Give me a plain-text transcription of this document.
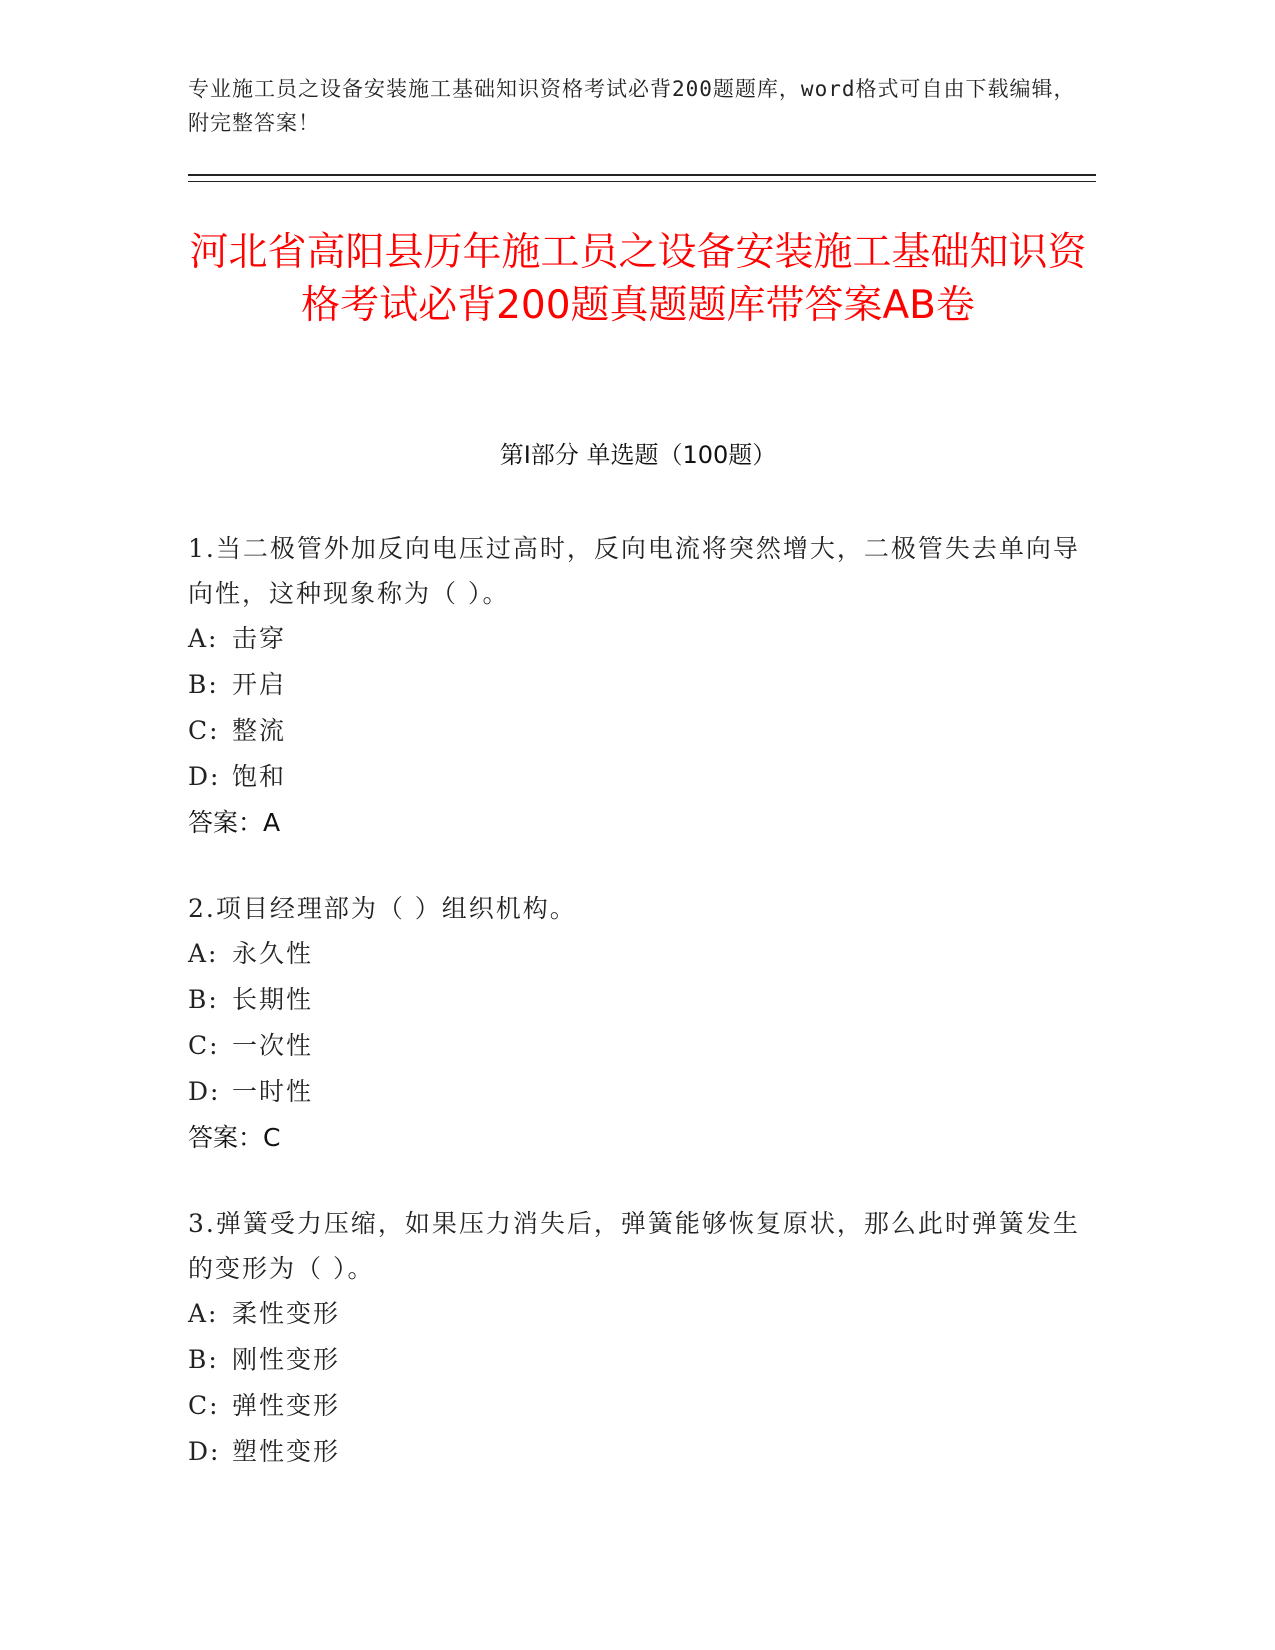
专业施工员之设备安装施工基础知识资格考试必背200题题库，word格式可自由下载编辑，附完整答案！
河北省高阳县历年施工员之设备安装施工基础知识资格考试必背200题真题题库带答案AB卷
第Ⅰ部分 单选题（100题）

1.当二极管外加反向电压过高时，反向电流将突然增大，二极管失去单向导向性，这种现象称为（ ）。

A: 击穿
B: 开启
C: 整流
D: 饱和
答案：A

2.项目经理部为（ ）组织机构。

A: 永久性
B: 长期性
C: 一次性
D: 一时性
答案：C

3.弹簧受力压缩，如果压力消失后，弹簧能够恢复原状，那么此时弹簧发生的变形为（ ）。

A: 柔性变形
B: 刚性变形
C: 弹性变形
D: 塑性变形
